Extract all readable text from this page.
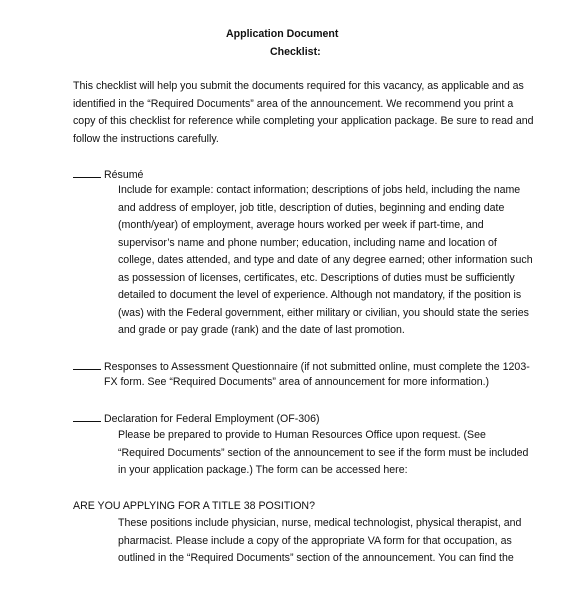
Application Document
Checklist:
This checklist will help you submit the documents required for this vacancy, as applicable and as
identified in the “Required Documents” area of the announcement. We recommend you print a
copy of this checklist for reference while completing your application package. Be sure to read and
follow the instructions carefully.
Résumé
Include for example: contact information; descriptions of jobs held, including the name
and address of employer, job title, description of duties, beginning and ending date
(month/year) of employment, average hours worked per week if part-time, and
supervisor’s name and phone number; education, including name and location of
college, dates attended, and type and date of any degree earned; other information such
as possession of licenses, certificates, etc. Descriptions of duties must be sufficiently
detailed to document the level of experience. Although not mandatory, if the position is
(was) with the Federal government, either military or civilian, you should state the series
and grade or pay grade (rank) and the date of last promotion.
Responses to Assessment Questionnaire (if not submitted online, must complete the 1203-
FX form. See “Required Documents” area of announcement for more information.)
Declaration for Federal Employment (OF-306)
Please be prepared to provide to Human Resources Office upon request. (See
“Required Documents” section of the announcement to see if the form must be included
in your application package.) The form can be accessed here:
ARE YOU APPLYING FOR A TITLE 38 POSITION?
These positions include physician, nurse, medical technologist, physical therapist, and
pharmacist. Please include a copy of the appropriate VA form for that occupation, as
outlined in the “Required Documents” section of the announcement. You can find the
